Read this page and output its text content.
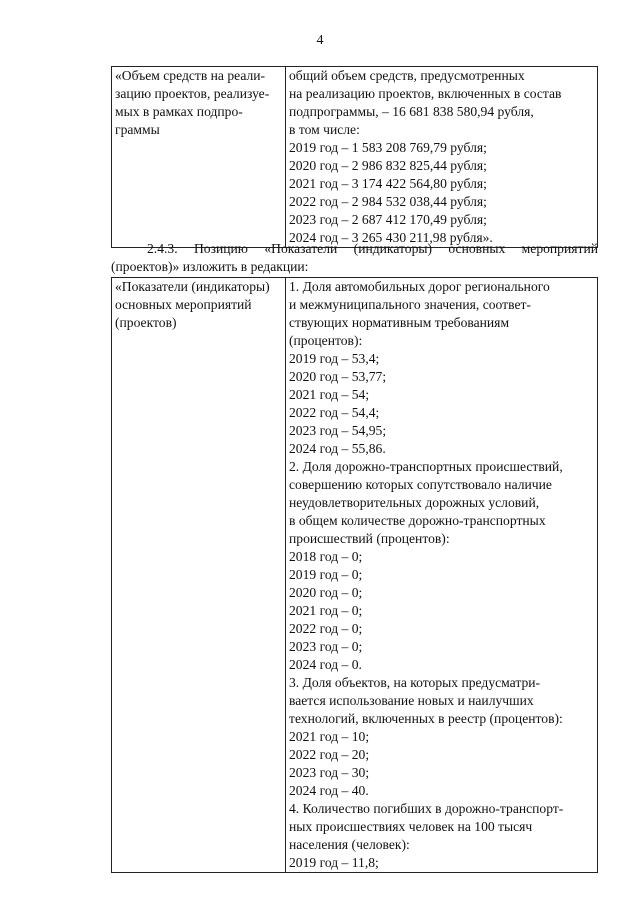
4
«Объем средств на реали-
зацию проектов, реализуе-
мых в рамках подпро-
граммы

общий объем средств, предусмотренных
на реализацию проектов, включенных в состав
подпрограммы, – 16 681 838 580,94 рубля,
в том числе:
2019 год – 1 583 208 769,79 рубля;
2020 год – 2 986 832 825,44 рубля;
2021 год – 3 174 422 564,80 рубля;
2022 год – 2 984 532 038,44 рубля;
2023 год – 2 687 412 170,49 рубля;
2024 год – 3 265 430 211,98 рубля».
2.4.3. Позицию «Показатели (индикаторы) основных мероприятий
(проектов)» изложить в редакции:
«Показатели (индикаторы)
основных мероприятий
(проектов)

1. Доля автомобильных дорог регионального
и межмуниципального значения, соответ-
ствующих нормативным требованиям
(процентов):
2019 год – 53,4;
2020 год – 53,77;
2021 год – 54;
2022 год – 54,4;
2023 год – 54,95;
2024 год – 55,86.
2. Доля дорожно-транспортных происшествий,
совершению которых сопутствовало наличие
неудовлетворительных дорожных условий,
в общем количестве дорожно-транспортных
происшествий (процентов):
2018 год – 0;
2019 год – 0;
2020 год – 0;
2021 год – 0;
2022 год – 0;
2023 год – 0;
2024 год – 0.
3. Доля объектов, на которых предусматри-
вается использование новых и наилучших
технологий, включенных в реестр (процентов):
2021 год – 10;
2022 год – 20;
2023 год – 30;
2024 год – 40.
4. Количество погибших в дорожно-транспорт-
ных происшествиях человек на 100 тысяч
населения (человек):
2019 год – 11,8;
